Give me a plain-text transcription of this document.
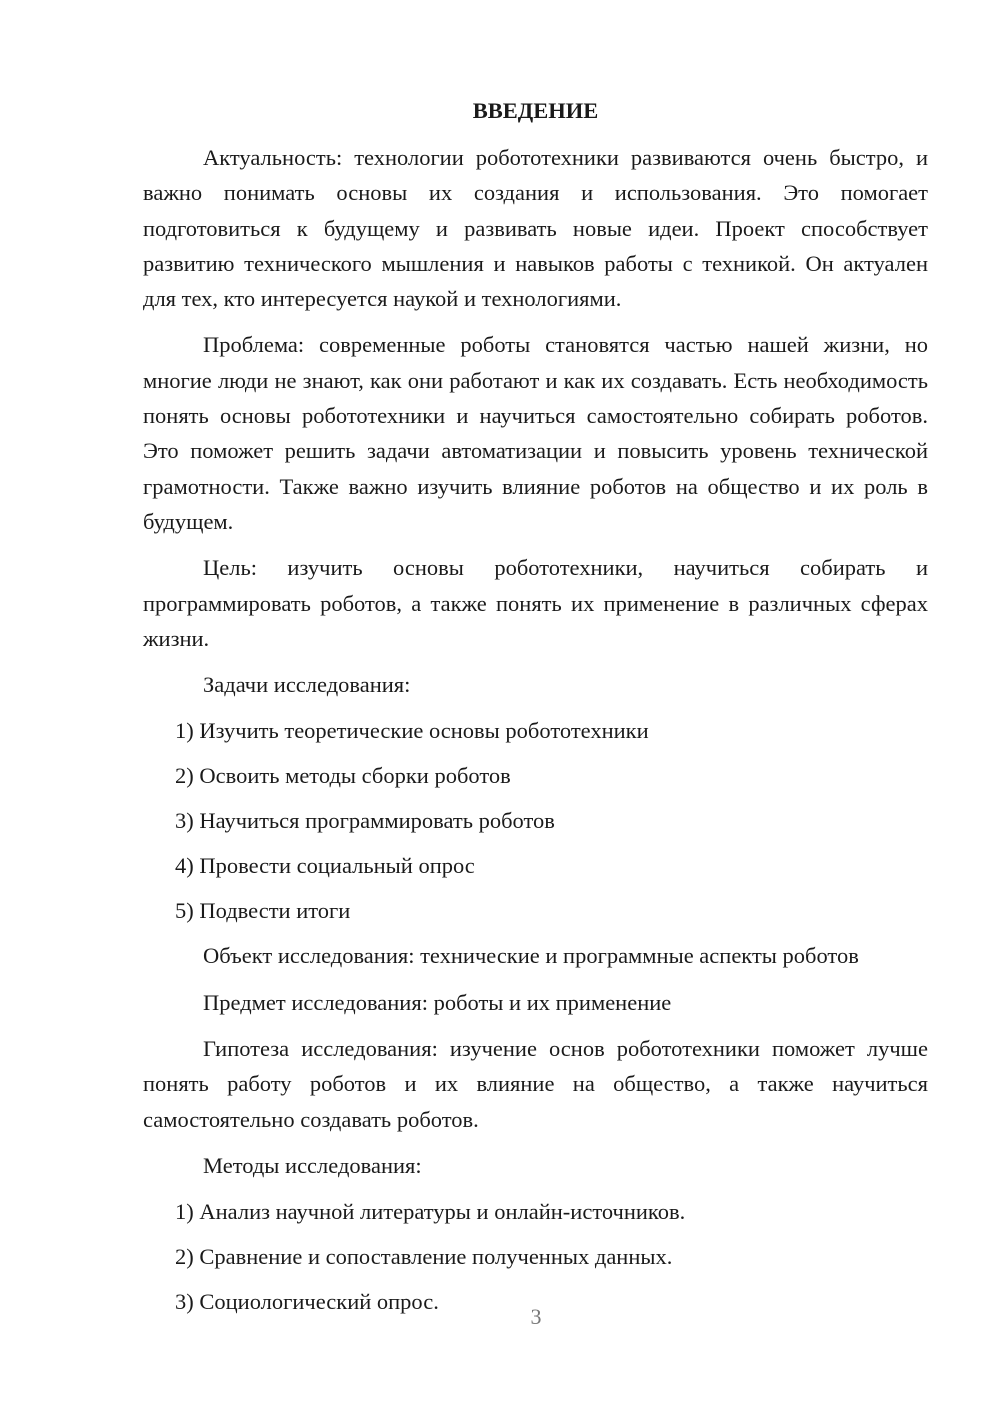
ВВЕДЕНИЕ

Актуальность: технологии робототехники развиваются очень быстро, и важно понимать основы их создания и использования. Это помогает подготовиться к будущему и развивать новые идеи. Проект способствует развитию технического мышления и навыков работы с техникой. Он актуален для тех, кто интересуется наукой и технологиями.

Проблема: современные роботы становятся частью нашей жизни, но многие люди не знают, как они работают и как их создавать. Есть необходимость понять основы робототехники и научиться самостоятельно собирать роботов. Это поможет решить задачи автоматизации и повысить уровень технической грамотности. Также важно изучить влияние роботов на общество и их роль в будущем.

Цель: изучить основы робототехники, научиться собирать и программировать роботов, а также понять их применение в различных сферах жизни.

Задачи исследования:

1) Изучить теоретические основы робототехники
2) Освоить методы сборки роботов
3) Научиться программировать роботов
4) Провести социальный опрос
5) Подвести итоги

Объект исследования: технические и программные аспекты роботов

Предмет исследования: роботы и их применение

Гипотеза исследования: изучение основ робототехники поможет лучше понять работу роботов и их влияние на общество, а также научиться самостоятельно создавать роботов.

Методы исследования:

1) Анализ научной литературы и онлайн-источников.
2) Сравнение и сопоставление полученных данных.
3) Социологический опрос.
3
